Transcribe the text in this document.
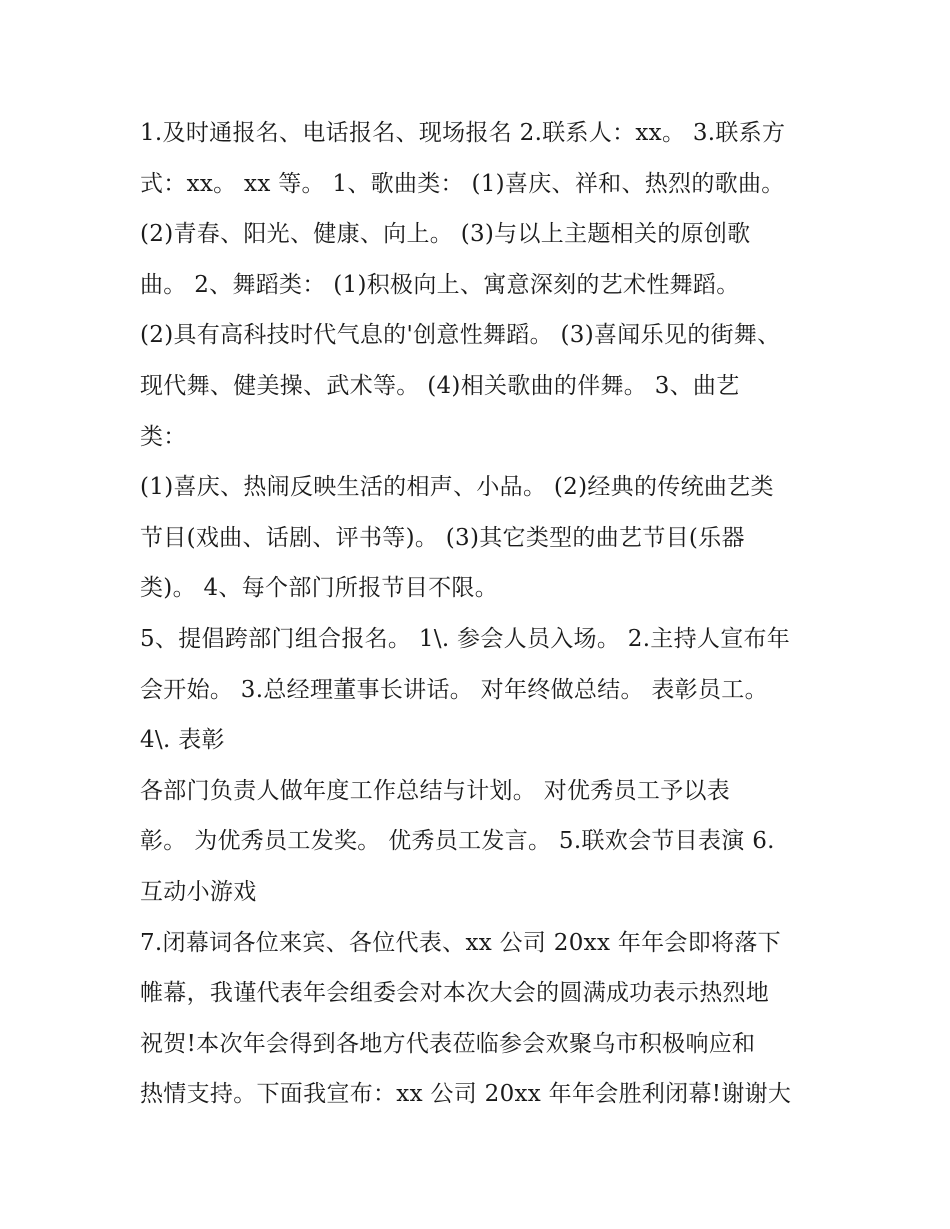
1.及时通报名、电话报名、现场报名 2.联系人：xx。 3.联系方
式：xx。 xx 等。 1、歌曲类： (1)喜庆、祥和、热烈的歌曲。
(2)青春、阳光、健康、向上。 (3)与以上主题相关的原创歌
曲。 2、舞蹈类： (1)积极向上、寓意深刻的艺术性舞蹈。
(2)具有高科技时代气息的'创意性舞蹈。 (3)喜闻乐见的街舞、
现代舞、健美操、武术等。 (4)相关歌曲的伴舞。 3、曲艺
类：
(1)喜庆、热闹反映生活的相声、小品。 (2)经典的传统曲艺类
节目(戏曲、话剧、评书等)。 (3)其它类型的曲艺节目(乐器
类)。 4、每个部门所报节目不限。
5、提倡跨部门组合报名。 1\. 参会人员入场。 2.主持人宣布年
会开始。 3.总经理董事长讲话。 对年终做总结。 表彰员工。
4\. 表彰
各部门负责人做年度工作总结与计划。 对优秀员工予以表
彰。 为优秀员工发奖。 优秀员工发言。 5.联欢会节目表演 6.
互动小游戏
7.闭幕词各位来宾、各位代表、xx 公司 20xx 年年会即将落下
帷幕，我谨代表年会组委会对本次大会的圆满成功表示热烈地
祝贺!本次年会得到各地方代表莅临参会欢聚乌市积极响应和
热情支持。下面我宣布：xx 公司 20xx 年年会胜利闭幕!谢谢大
